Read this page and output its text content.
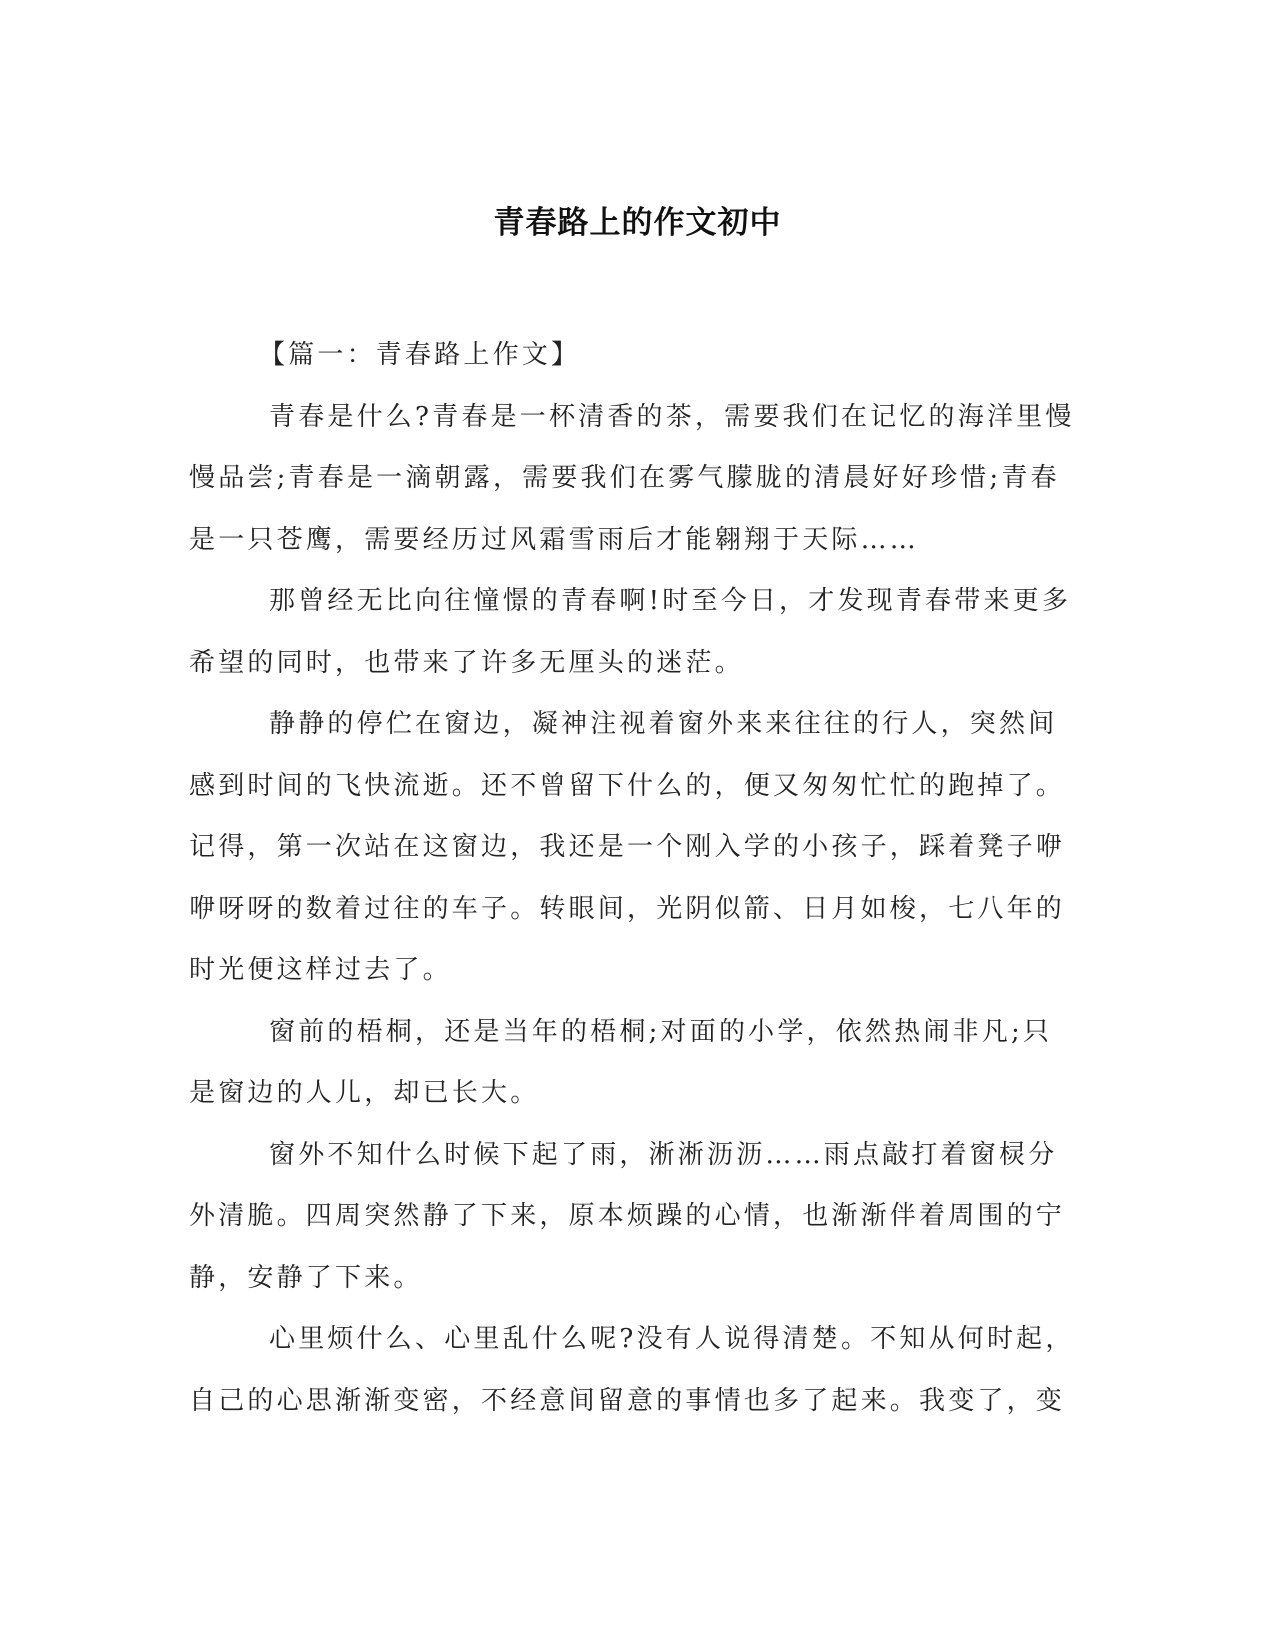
青春路上的作文初中

【篇一：青春路上作文】

青春是什么?青春是一杯清香的茶，需要我们在记忆的海洋里慢慢品尝;青春是一滴朝露，需要我们在雾气朦胧的清晨好好珍惜;青春是一只苍鹰，需要经历过风霜雪雨后才能翱翔于天际……

那曾经无比向往憧憬的青春啊!时至今日，才发现青春带来更多希望的同时，也带来了许多无厘头的迷茫。

静静的停伫在窗边，凝神注视着窗外来来往往的行人，突然间感到时间的飞快流逝。还不曾留下什么的，便又匆匆忙忙的跑掉了。记得，第一次站在这窗边，我还是一个刚入学的小孩子，踩着凳子咿咿呀呀的数着过往的车子。转眼间，光阴似箭、日月如梭，七八年的时光便这样过去了。

窗前的梧桐，还是当年的梧桐;对面的小学，依然热闹非凡;只是窗边的人儿，却已长大。

窗外不知什么时候下起了雨，淅淅沥沥……雨点敲打着窗棂分外清脆。四周突然静了下来，原本烦躁的心情，也渐渐伴着周围的宁静，安静了下来。

心里烦什么、心里乱什么呢?没有人说得清楚。不知从何时起，自己的心思渐渐变密，不经意间留意的事情也多了起来。我变了，变
